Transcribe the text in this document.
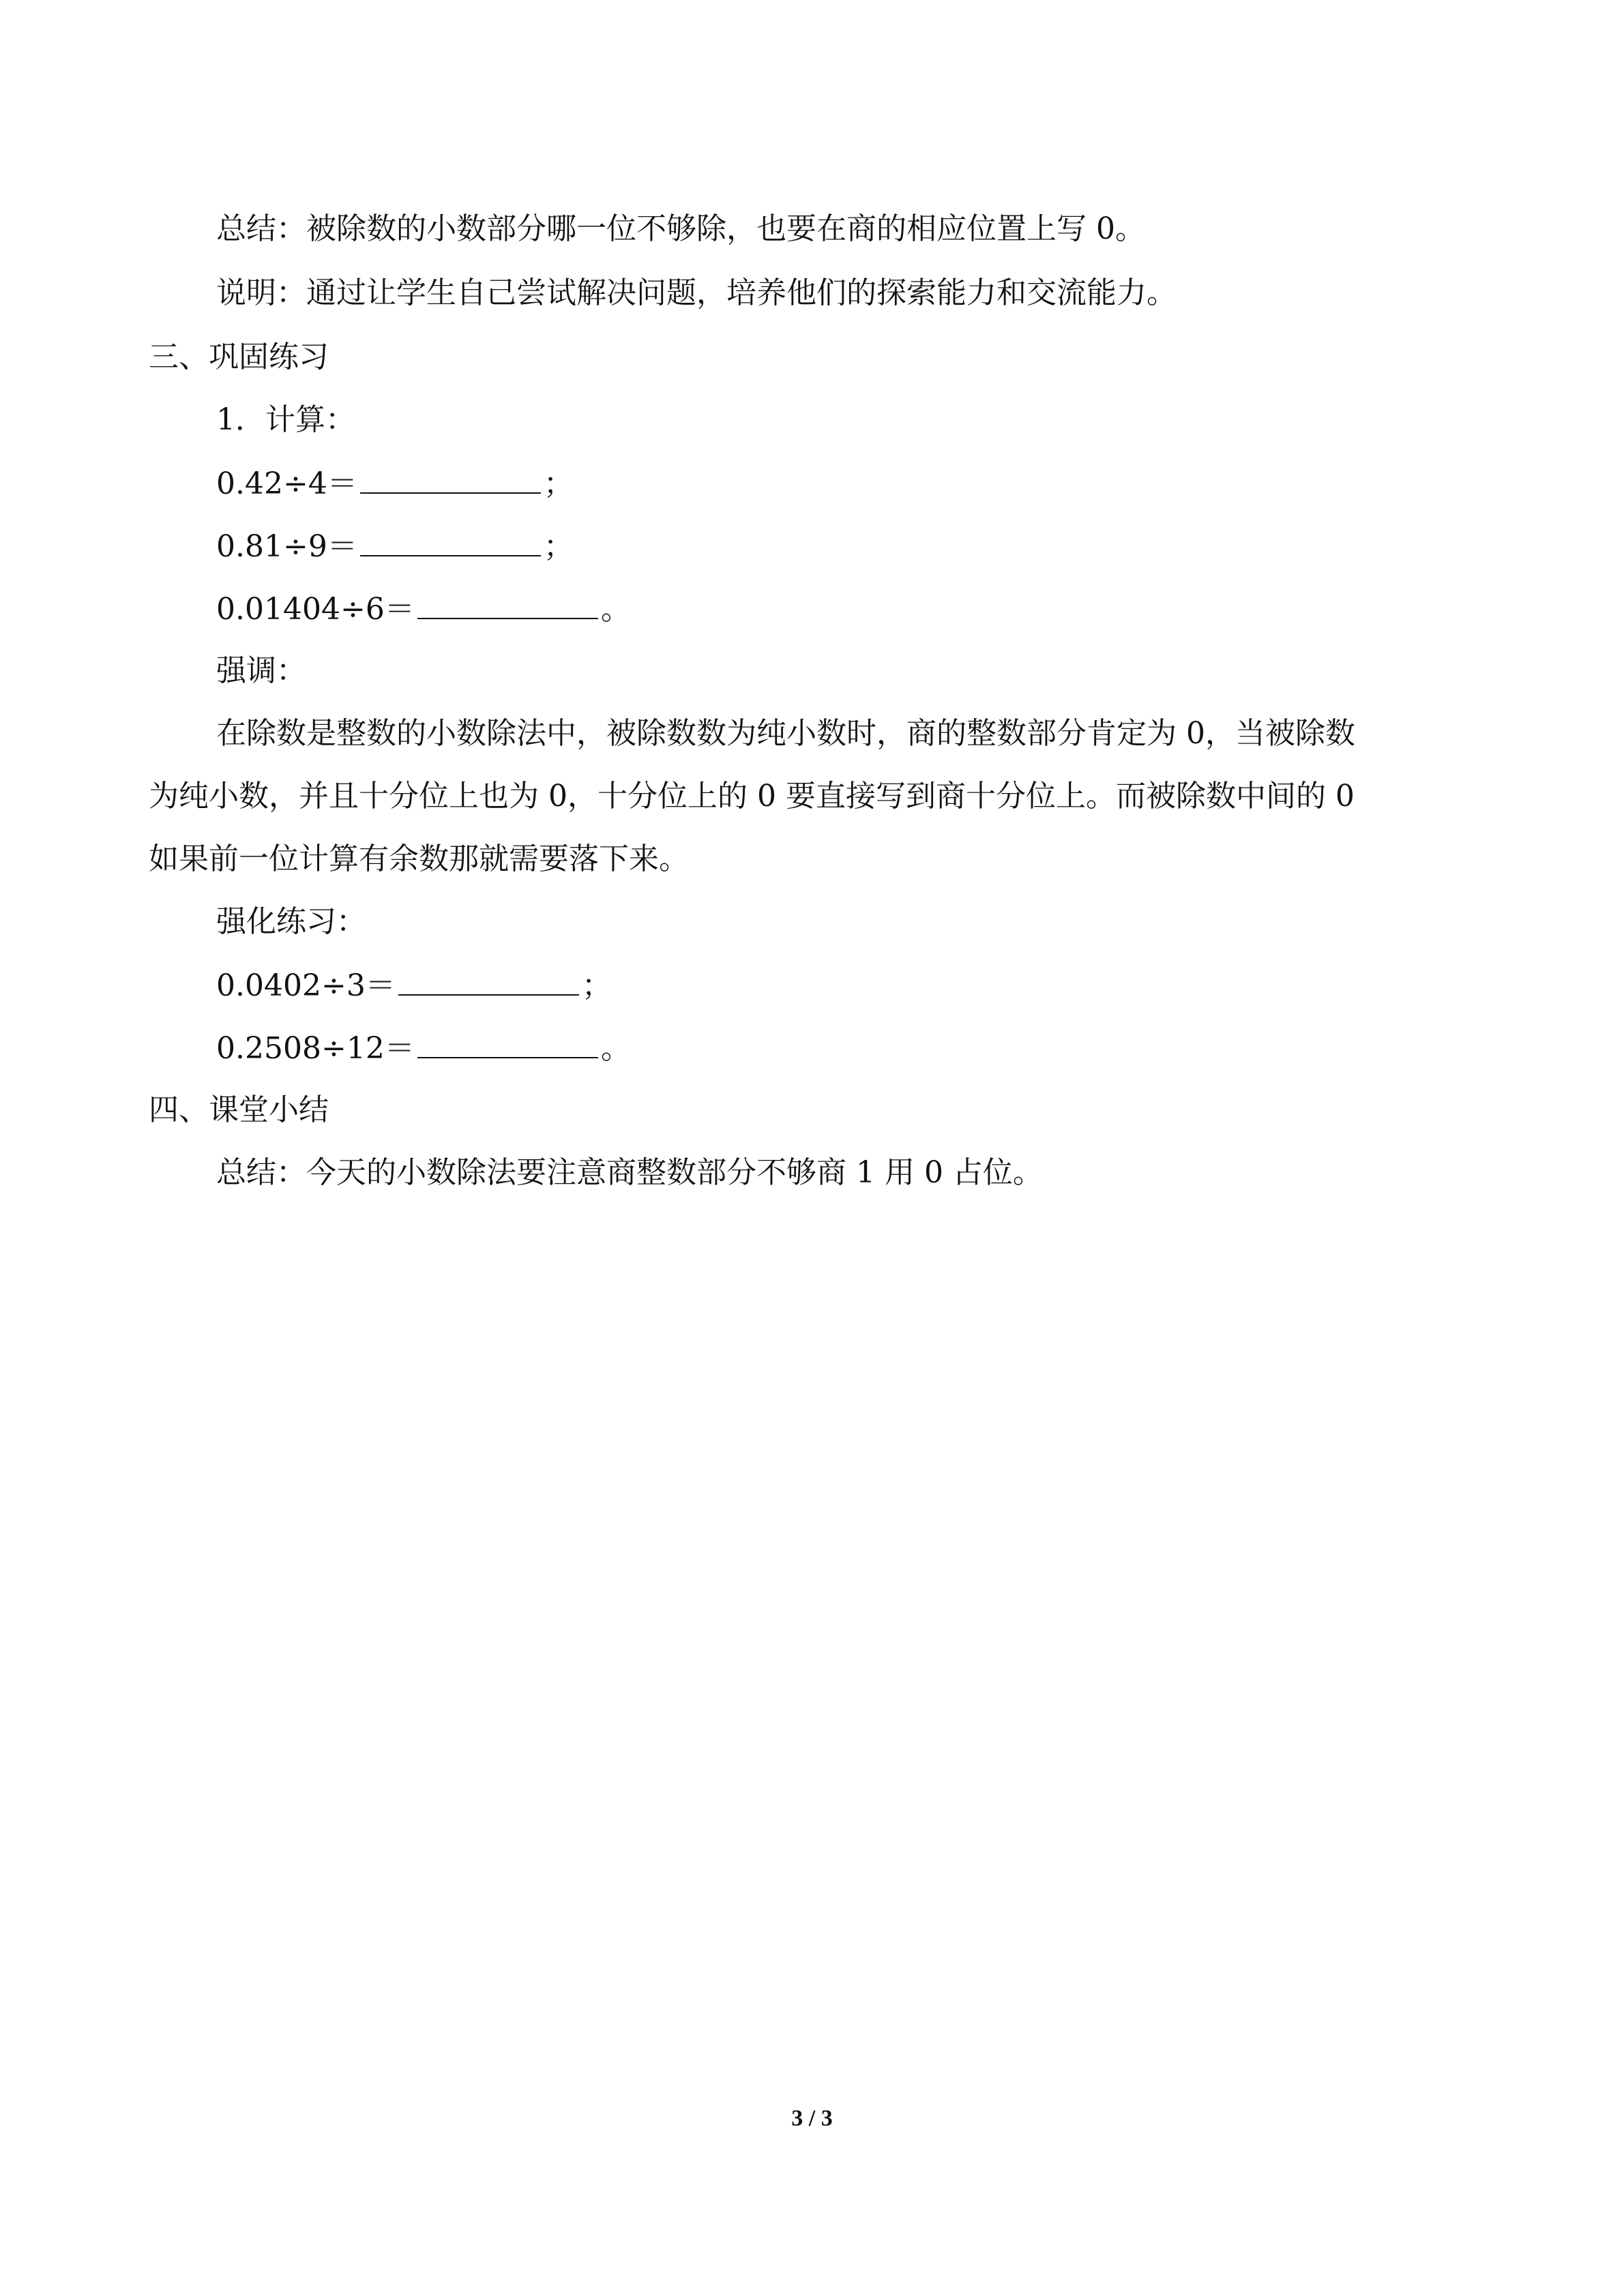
总结：被除数的小数部分哪一位不够除，也要在商的相应位置上写 0。
说明：通过让学生自己尝试解决问题，培养他们的探索能力和交流能力。
三、巩固练习
1．计算：
0.42÷4＝	；
0.81÷9＝	；
0.01404÷6＝	。
强调：
在除数是整数的小数除法中，被除数数为纯小数时，商的整数部分肯定为 0，当被除数
为纯小数，并且十分位上也为 0，十分位上的 0 要直接写到商十分位上。而被除数中间的 0
如果前一位计算有余数那就需要落下来。
强化练习：
0.0402÷3＝	；
0.2508÷12＝	。
四、课堂小结
总结：今天的小数除法要注意商整数部分不够商 1 用 0 占位。
3 / 3
